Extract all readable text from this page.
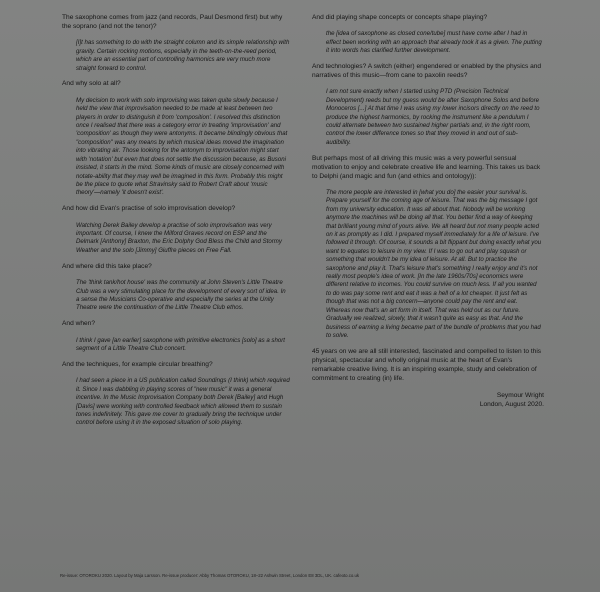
The saxophone comes from jazz (and records, Paul Desmond first) but why the soprano (and not the tenor)?

[I]t has something to do with the straight column and its simple relationship with gravity. Certain rocking motions, especially in the teeth-on-the-reed period, which are an essential part of controlling harmonics are very much more straight forward to control.

And why solo at all?

My decision to work with solo improvising was taken quite slowly because I held the view that improvisation needed to be made at least between two players in order to distinguish it from 'composition'. I resolved this distinction once I realised that there was a category error in treating 'improvisation' and 'composition' as though they were antonyms. It became blindingly obvious that "composition" was any means by which musical ideas moved the imagination into vibrating air. Those looking for the antonym to improvisation might start with 'notation' but even that does not settle the discussion because, as Busoni insisted, it starts in the mind. Some kinds of music are closely concerned with notate-ability that they may well be imagined in this form. Probably this might be the place to quote what Stravinsky said to Robert Craft about 'music theory'—namely 'it doesn't exist'.

And how did Evan's practise of solo improvisation develop?

Watching Derek Bailey develop a practise of solo improvisation was very important. Of course, I knew the Milford Graves record on ESP and the Delmark [Anthony] Braxton, the Eric Dolphy God Bless the Child and Stormy Weather and the solo [Jimmy] Giuffre pieces on Free Fall.

And where did this take place?

The 'think tank/hot house' was the community at John Steven's Little Theatre Club was a very stimulating place for the development of every sort of idea. In a sense the Musicians Co-operative and especially the series at the Unity Theatre were the continuation of the Little Theatre Club ethos.

And when?

I think I gave [an earlier] saxophone with primitive electronics [solo] as a short segment of a Little Theatre Club concert.

And the techniques, for example circular breathing?

I had seen a piece in a US publication called Soundings (I think) which required it. Since I was dabbling in playing scores of "new music" it was a general incentive. In the Music Improvisation Company both Derek [Bailey] and Hugh [Davis] were working with controlled feedback which allowed them to sustain tones indefinitely. This gave me cover to gradually bring the technique under control before using it in the exposed situation of solo playing.

And did playing shape concepts or concepts shape playing?

the [idea of saxophone as closed cone/tube] must have come after I had in effect been working with an approach that already took it as a given. The putting it into words has clarified further development.

And technologies? A switch (either) engendered or enabled by the physics and narratives of this music—from cane to paxolin reeds?

I am not sure exactly when I started using PTD (Precision Technical Development) reeds but my guess would be after Saxophone Solos and before Monoceros [...] At that time I was using my lower incisors directly on the reed to produce the highest harmonics, by rocking the instrument like a pendulum I could alternate between two sustained higher partials and, in the right room, control the lower difference tones so that they moved in and out of sub-audibility.

But perhaps most of all driving this music was a very powerful sensual motivation to enjoy and celebrate creative life and learning. This takes us back to Delphi (and magic and fun (and ethics and ontology)):

The more people are interested in [what you do] the easier your survival is. Prepare yourself for the coming age of leisure. That was the big message I got from my university education. It was all about that. Nobody will be working anymore the machines will be doing all that. You better find a way of keeping that brilliant young mind of yours alive. We all heard but not many people acted on it as promptly as I did. I prepared myself immediately for a life of leisure. I've followed it through. Of course, it sounds a bit flippant but doing exactly what you want to equates to leisure in my view. If I was to go out and play squash or something that wouldn't be my idea of leisure. At all. But to practice the saxophone and play it. That's leisure that's something I really enjoy and it's not really most people's idea of work. [In the late 1960s/70s] economics were different relative to incomes. You could survive on much less. If all you wanted to do was pay some rent and eat it was a hell of a lot cheaper. It just felt as though that was not a big concern—anyone could pay the rent and eat. Whereas now that's an art form in itself. That was held out as our future. Gradually we realized, slowly, that it wasn't quite as easy as that. And the business of earning a living became part of the bundle of problems that you had to solve.

45 years on we are all still interested, fascinated and compelled to listen to this physical, spectacular and wholly original music at the heart of Evan's remarkable creative living. It is an inspiring example, study and celebration of commitment to creating (in) life.

Seymour Wright

London, August 2020.

Re-issue: OTOROKU 2020. Layout by Maja Larsson. Re-issue producer: Abby Thomas OTOROKU, 18–22 Ashwin Street, London E8 3DL, UK. cafeoto.co.uk
